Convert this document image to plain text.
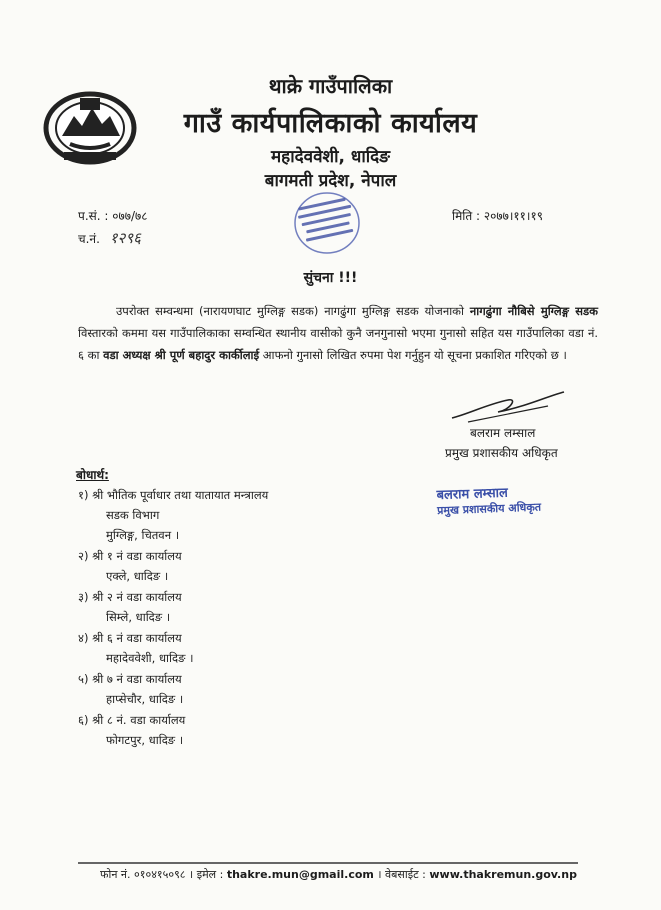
थाक्रे गाउँपालिका
गाउँ कार्यपालिकाको कार्यालय
महादेववेशी, धादिङ
बागमती प्रदेश, नेपाल
प.सं. : ०७७/७८
च.नं. १२९६
मिति : २०७७।११।१९
सुंचना !!!

उपरोक्त सम्वन्धमा (नारायणघाट मुग्लिङ्ग सडक) नागढुंगा मुग्लिङ्ग सडक योजनाको नागढुंगा नौबिसे मुग्लिङ्ग सडक विस्तारको कममा यस गाउँपालिकाका सम्वन्धित स्थानीय वासीको कुनै जनगुनासो भएमा गुनासो सहित यस गाउँपालिका वडा नं. ६ का वडा अध्यक्ष श्री पूर्ण बहादुर कार्कीलाई आफनो गुनासो लिखित रुपमा पेश गर्नुहुन यो सूचना प्रकाशित गरिएको छ ।

बलराम लम्साल
प्रमुख प्रशासकीय अधिकृत
बलराम लम्साल
प्रमुख प्रशासकीय अधिकृत
बोधार्थ:
१) श्री भौतिक पूर्वाधार तथा यातायात मन्त्रालय
सडक विभाग
मुग्लिङ्ग, चितवन ।
२) श्री १ नं वडा कार्यालय
एक्ले, धादिङ ।
३) श्री २ नं वडा कार्यालय
सिम्ले, धादिङ ।
४) श्री ६ नं वडा कार्यालय
महादेववेशी, धादिङ ।
५) श्री ७ नं वडा कार्यालय
हाप्सेचौर, धादिङ ।
६) श्री ८ नं. वडा कार्यालय
फोगटपुर, धादिङ ।
फोन नं. ०१०४१५०९८ । इमेल : thakre.mun@gmail.com । वेबसाईट : www.thakremun.gov.np
